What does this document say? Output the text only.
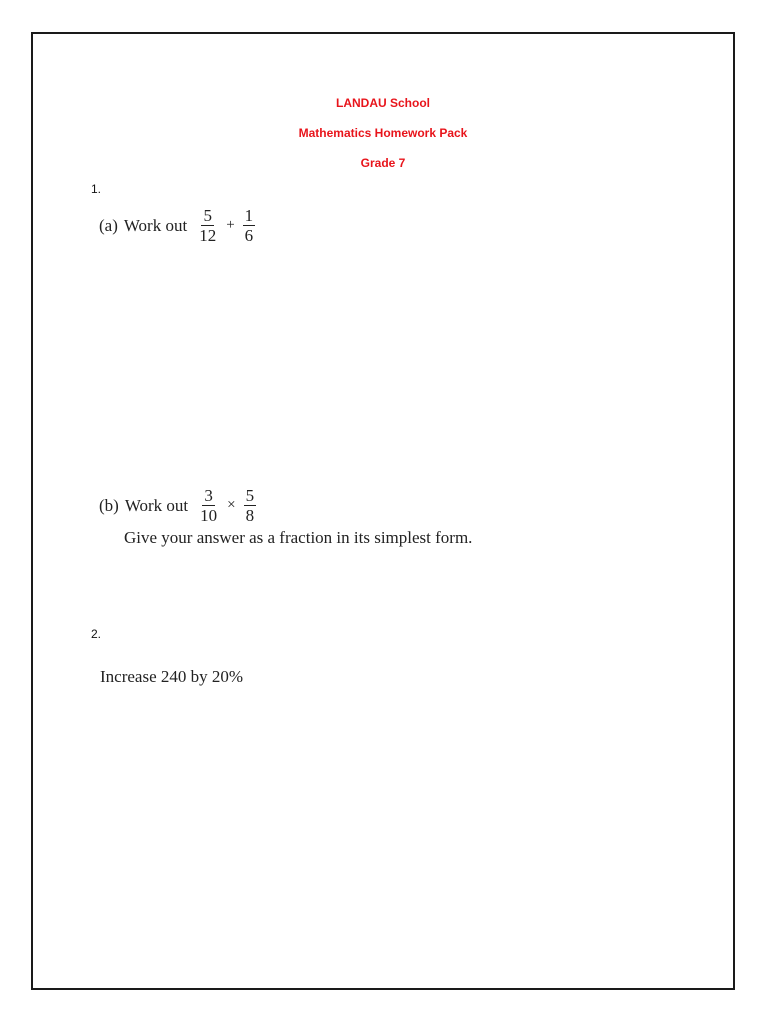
LANDAU School
Mathematics Homework Pack
Grade 7
1.
(a) Work out $\frac{5}{12} + \frac{1}{6}$
(b) Work out $\frac{3}{10} \times \frac{5}{8}$
Give your answer as a fraction in its simplest form.
2.
Increase 240 by 20%
